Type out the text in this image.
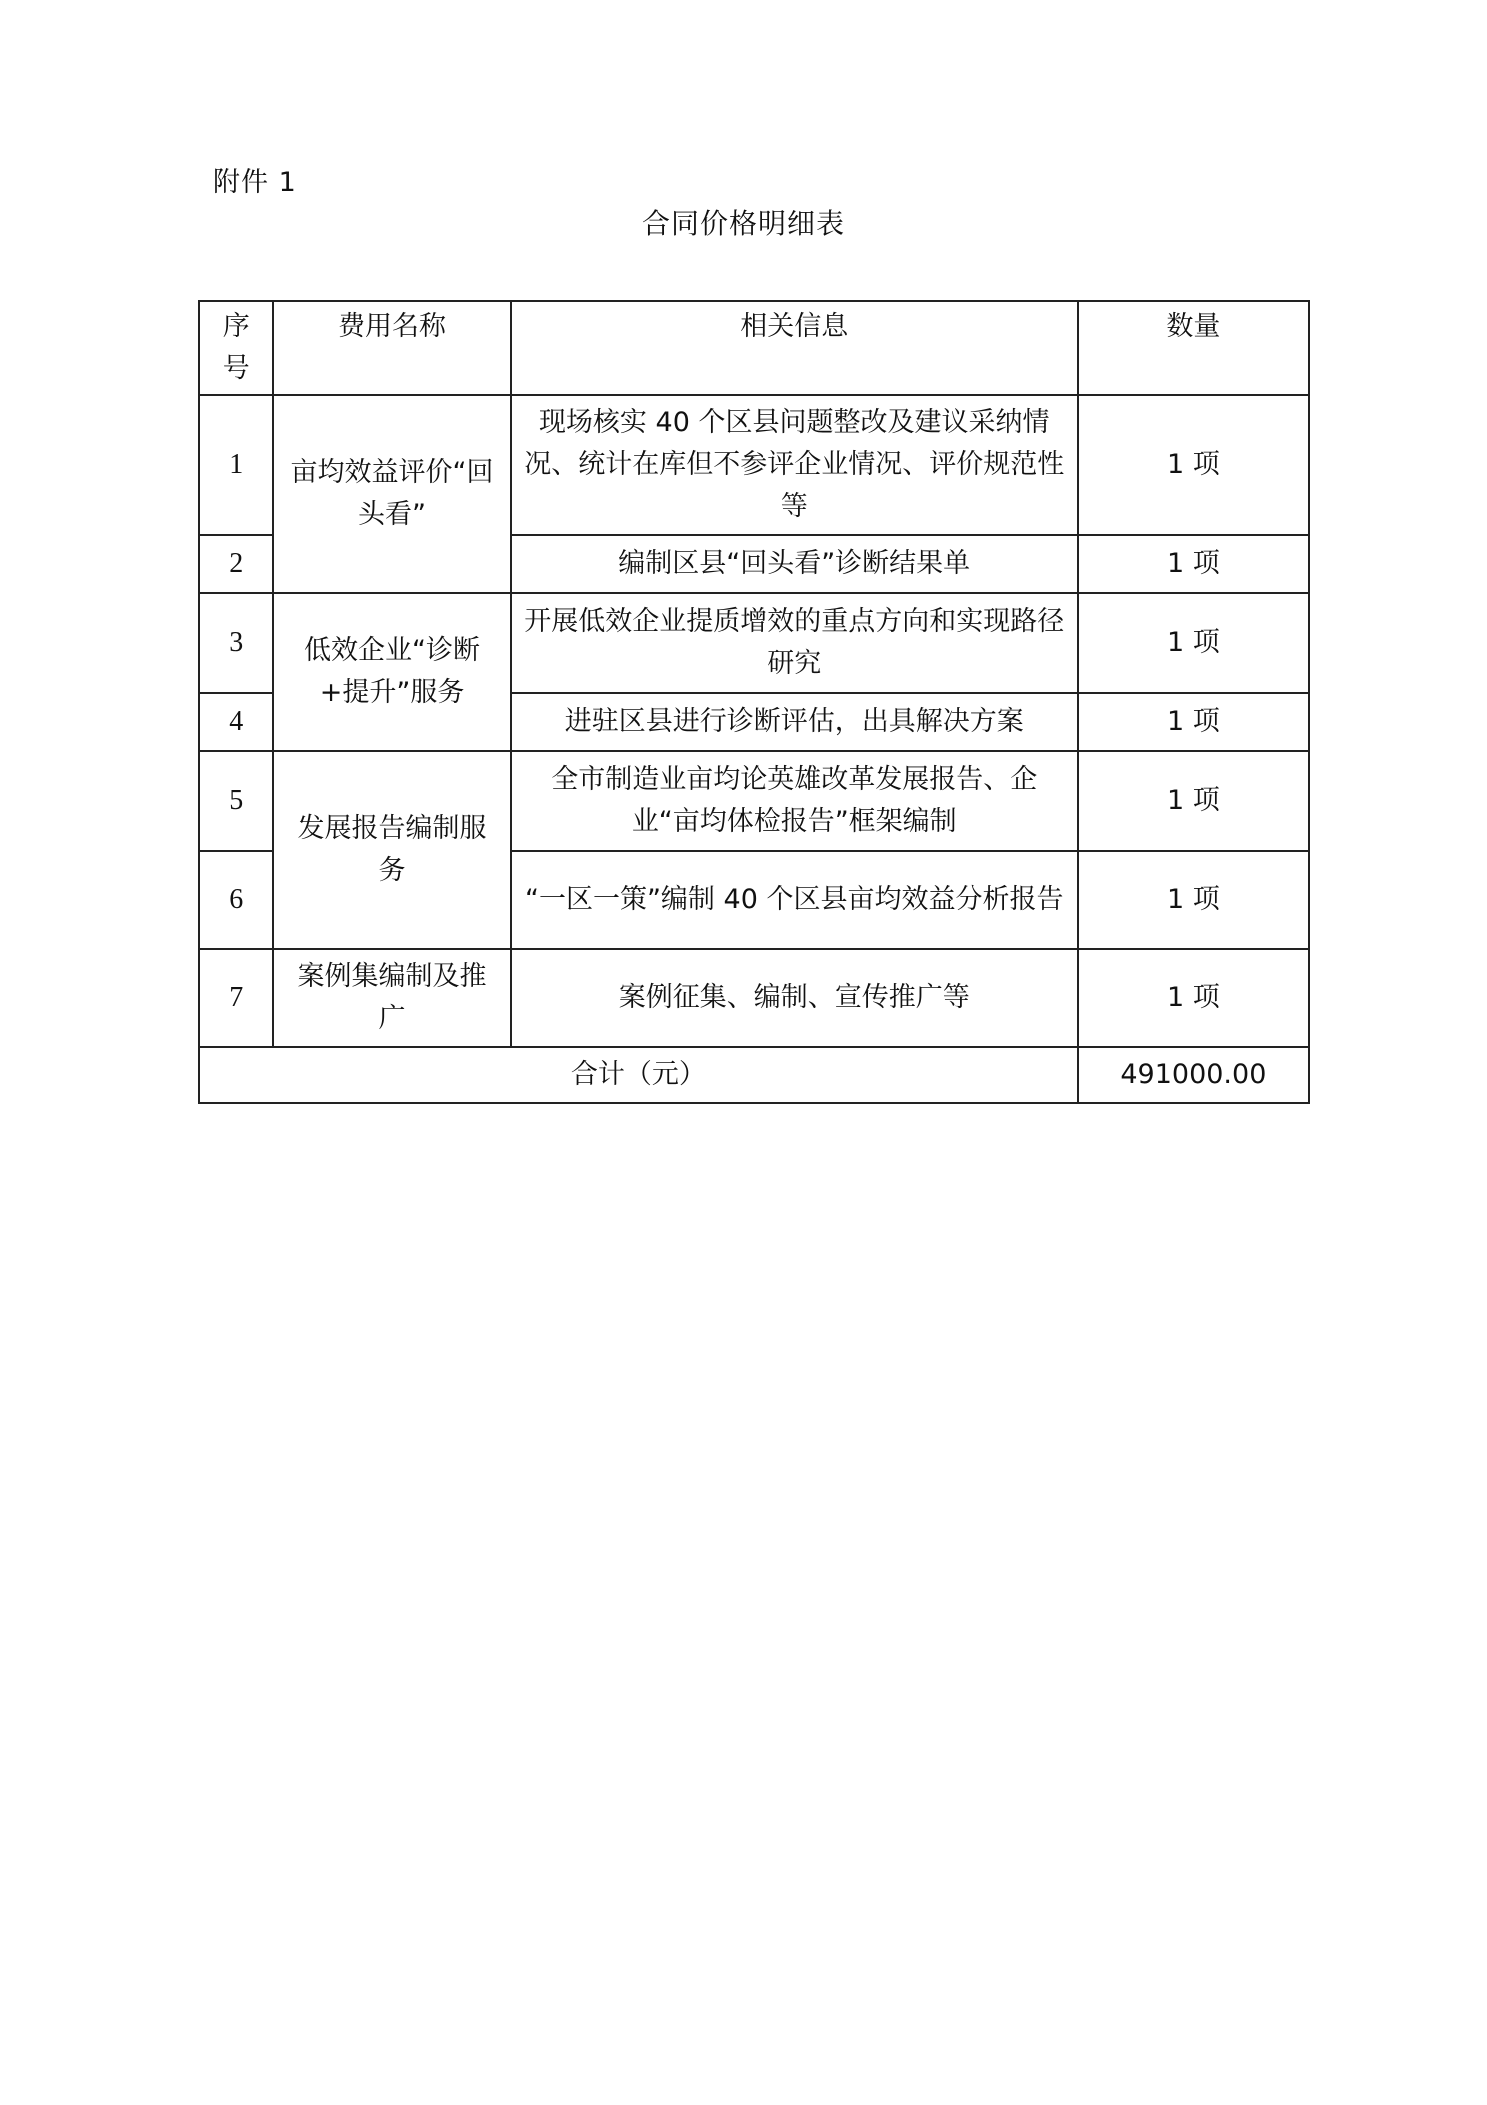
附件 1
合同价格明细表
序号	费用名称	相关信息	数量
1	亩均效益评价“回头看”	现场核实 40 个区县问题整改及建议采纳情况、统计在库但不参评企业情况、评价规范性等	1 项
2		编制区县“回头看”诊断结果单	1 项
3	低效企业“诊断+提升”服务	开展低效企业提质增效的重点方向和实现路径研究	1 项
4		进驻区县进行诊断评估，出具解决方案	1 项
5	发展报告编制服务	全市制造业亩均论英雄改革发展报告、企业“亩均体检报告”框架编制	1 项
6		“一区一策”编制 40 个区县亩均效益分析报告	1 项
7	案例集编制及推广	案例征集、编制、宣传推广等	1 项
合计（元）			491000.00
